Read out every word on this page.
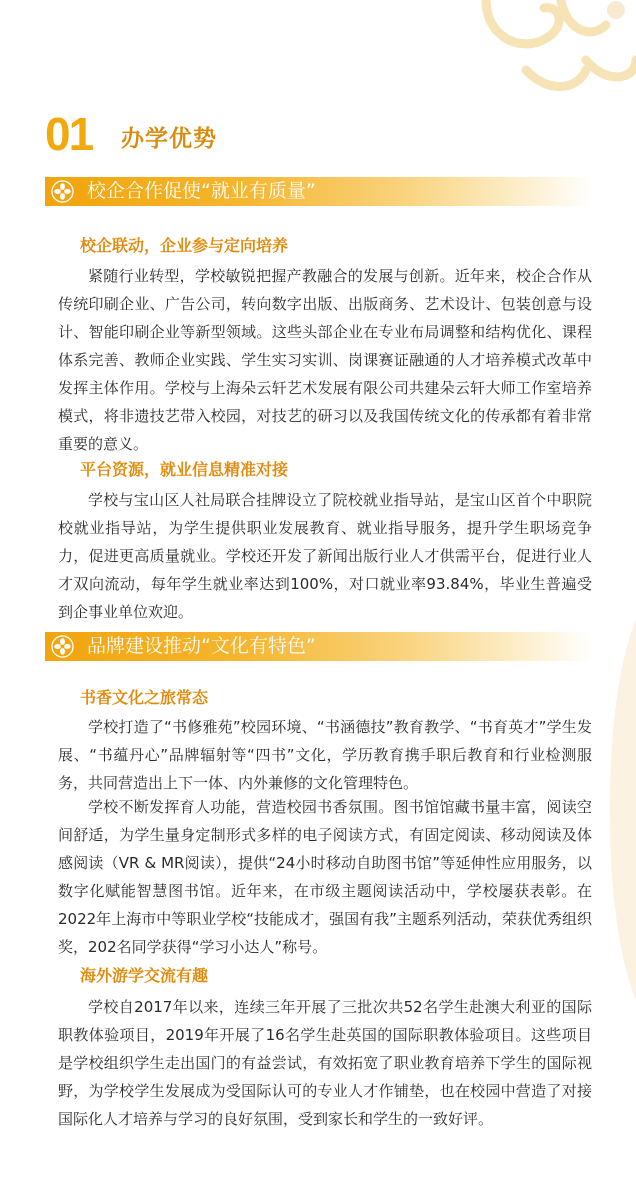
01 办学优势
校企合作促使“就业有质量”
校企联动，企业参与定向培养

紧随行业转型，学校敏锐把握产教融合的发展与创新。近年来，校企合作从传统印刷企业、广告公司，转向数字出版、出版商务、艺术设计、包装创意与设计、智能印刷企业等新型领域。这些头部企业在专业布局调整和结构优化、课程体系完善、教师企业实践、学生实习实训、岗课赛证融通的人才培养模式改革中发挥主体作用。学校与上海朵云轩艺术发展有限公司共建朵云轩大师工作室培养模式，将非遗技艺带入校园，对技艺的研习以及我国传统文化的传承都有着非常重要的意义。

平台资源，就业信息精准对接

学校与宝山区人社局联合挂牌设立了院校就业指导站，是宝山区首个中职院校就业指导站，为学生提供职业发展教育、就业指导服务，提升学生职场竞争力，促进更高质量就业。学校还开发了新闻出版行业人才供需平台，促进行业人才双向流动，每年学生就业率达到100%，对口就业率93.84%，毕业生普遍受到企事业单位欢迎。

品牌建设推动“文化有特色”
书香文化之旅常态

学校打造了“书修雅苑”校园环境、“书涵德技”教育教学、“书育英才”学生发展、“书蕴丹心”品牌辐射等“四书”文化，学历教育携手职后教育和行业检测服务，共同营造出上下一体、内外兼修的文化管理特色。

学校不断发挥育人功能，营造校园书香氛围。图书馆馆藏书量丰富，阅读空间舒适，为学生量身定制形式多样的电子阅读方式，有固定阅读、移动阅读及体感阅读（VR & MR阅读），提供“24小时移动自助图书馆”等延伸性应用服务，以数字化赋能智慧图书馆。近年来，在市级主题阅读活动中，学校屡获表彰。在2022年上海市中等职业学校“技能成才，强国有我”主题系列活动，荣获优秀组织奖，202名同学获得“学习小达人”称号。

海外游学交流有趣

学校自2017年以来，连续三年开展了三批次共52名学生赴澳大利亚的国际职教体验项目，2019年开展了16名学生赴英国的国际职教体验项目。这些项目是学校组织学生走出国门的有益尝试，有效拓宽了职业教育培养下学生的国际视野，为学校学生发展成为受国际认可的专业人才作铺垫，也在校园中营造了对接国际化人才培养与学习的良好氛围，受到家长和学生的一致好评。
